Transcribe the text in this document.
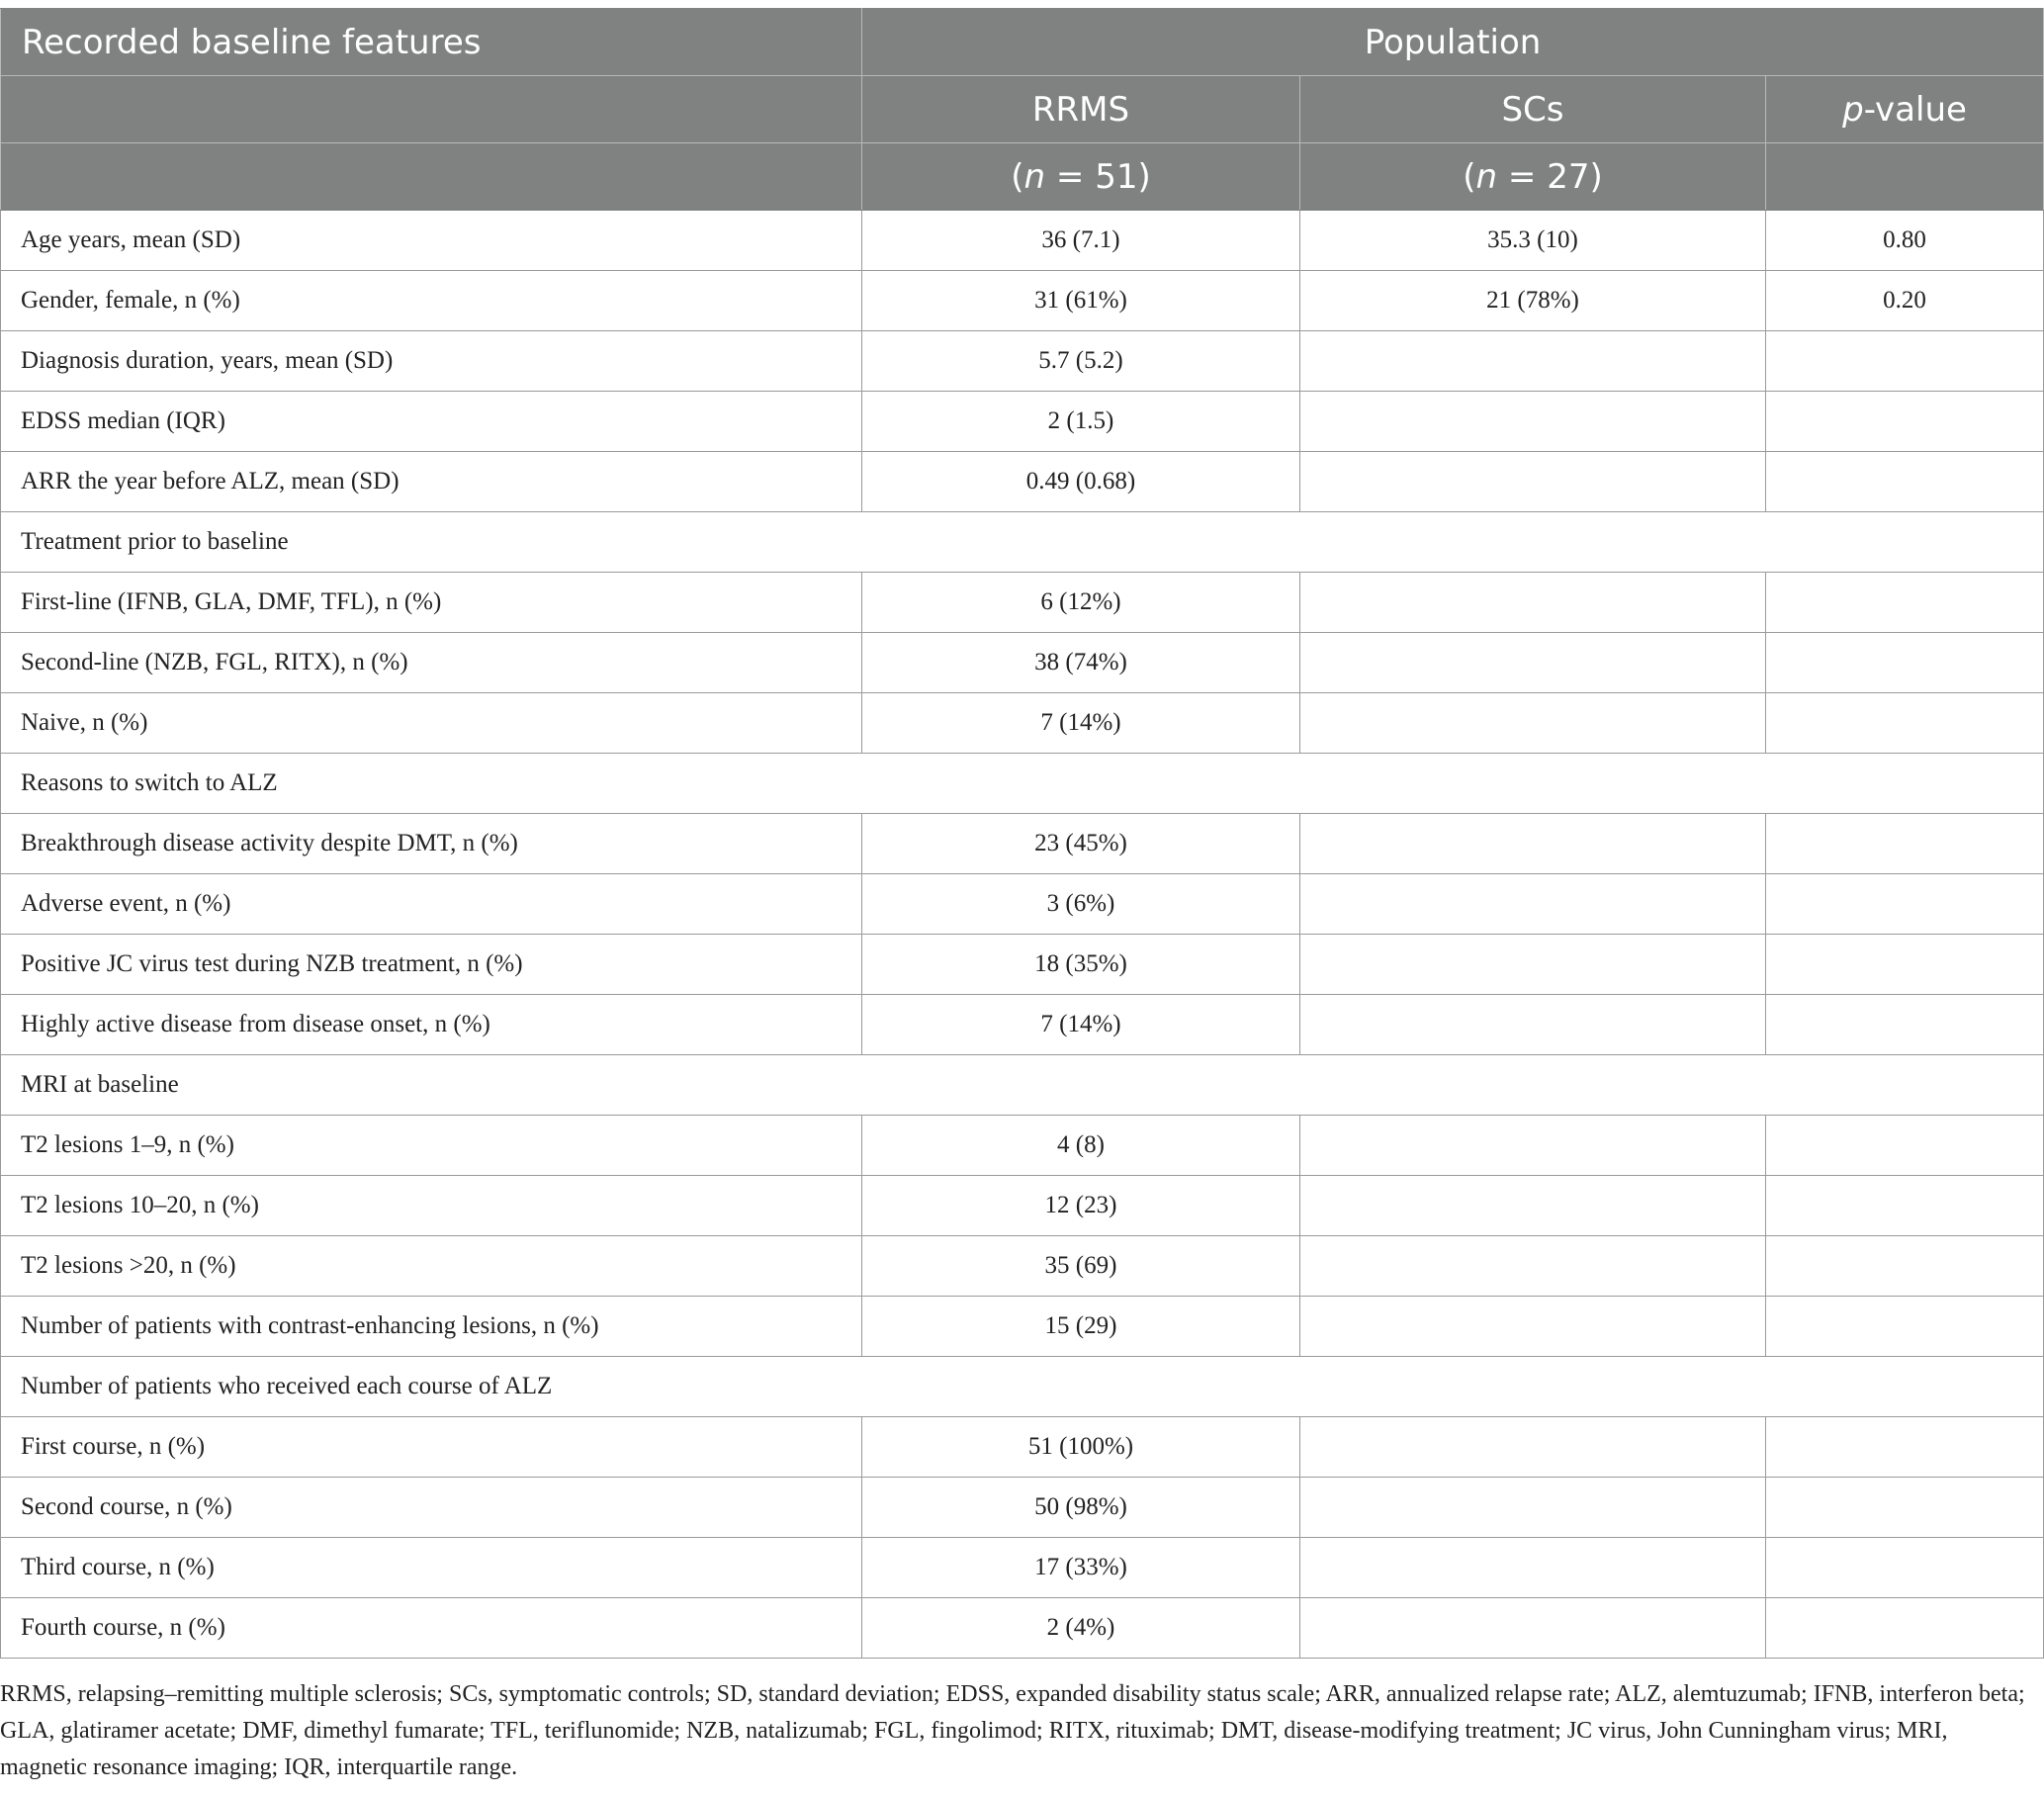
Recorded baseline features	Population		
	RRMS	SCs	p-value
	(n = 51)	(n = 27)	
Age years, mean (SD)	36 (7.1)	35.3 (10)	0.80
Gender, female, n (%)	31 (61%)	21 (78%)	0.20
Diagnosis duration, years, mean (SD)	5.7 (5.2)		
EDSS median (IQR)	2 (1.5)		
ARR the year before ALZ, mean (SD)	0.49 (0.68)		
Treatment prior to baseline			
First-line (IFNB, GLA, DMF, TFL), n (%)	6 (12%)		
Second-line (NZB, FGL, RITX), n (%)	38 (74%)		
Naive, n (%)	7 (14%)		
Reasons to switch to ALZ			
Breakthrough disease activity despite DMT, n (%)	23 (45%)		
Adverse event, n (%)	3 (6%)		
Positive JC virus test during NZB treatment, n (%)	18 (35%)		
Highly active disease from disease onset, n (%)	7 (14%)		
MRI at baseline			
T2 lesions 1–9, n (%)	4 (8)		
T2 lesions 10–20, n (%)	12 (23)		
T2 lesions >20, n (%)	35 (69)		
Number of patients with contrast-enhancing lesions, n (%)	15 (29)		
Number of patients who received each course of ALZ			
First course, n (%)	51 (100%)		
Second course, n (%)	50 (98%)		
Third course, n (%)	17 (33%)		
Fourth course, n (%)	2 (4%)		
RRMS, relapsing–remitting multiple sclerosis; SCs, symptomatic controls; SD, standard deviation; EDSS, expanded disability status scale; ARR, annualized relapse rate; ALZ, alemtuzumab; IFNB, interferon beta; GLA, glatiramer acetate; DMF, dimethyl fumarate; TFL, teriflunomide; NZB, natalizumab; FGL, fingolimod; RITX, rituximab; DMT, disease-modifying treatment; JC virus, John Cunningham virus; MRI, magnetic resonance imaging; IQR, interquartile range.
